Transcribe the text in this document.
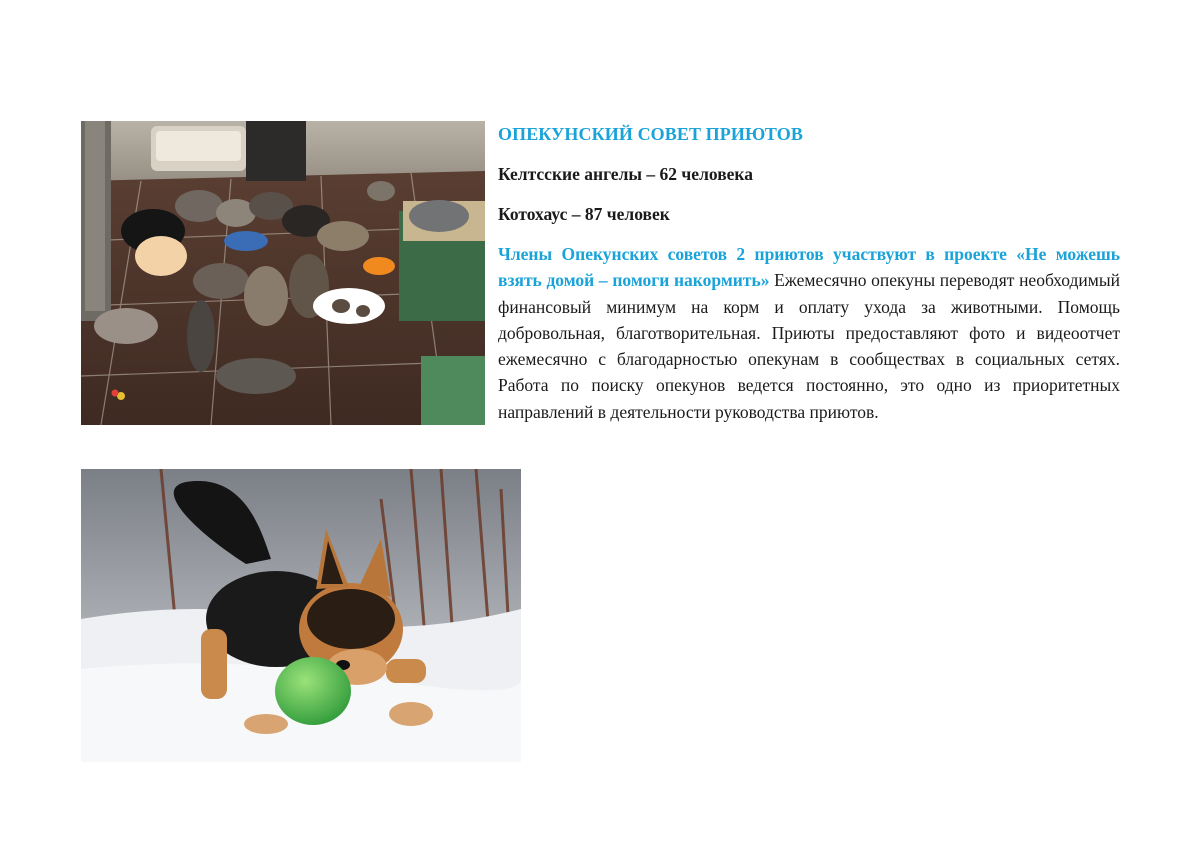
ОПЕКУНСКИЙ СОВЕТ ПРИЮТОВ

Келтсские ангелы – 62 человека

Котохаус – 87 человек

Члены Опекунских советов 2 приютов участвуют в проекте «Не можешь взять домой – помоги накормить» Ежемесячно опекуны переводят необходимый финансовый минимум на корм и оплату ухода за животными. Помощь добровольная, благотворительная. Приюты предоставляют фото и видеоотчет ежемесячно с благодарностью опекунам в сообществах в социальных сетях. Работа по поиску опекунов ведется постоянно, это одно из приоритетных направлений в деятельности руководства приютов.
